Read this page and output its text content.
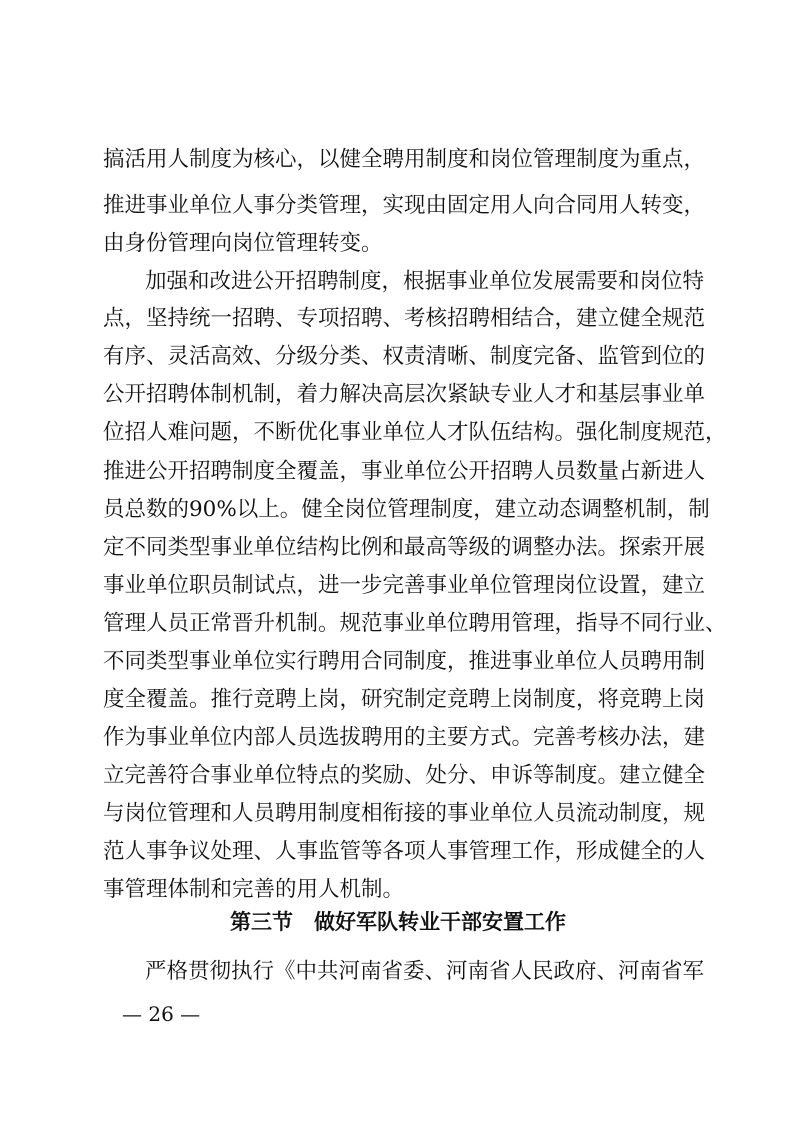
搞活用人制度为核心，以健全聘用制度和岗位管理制度为重点，
推进事业单位人事分类管理，实现由固定用人向合同用人转变，
由身份管理向岗位管理转变。
加强和改进公开招聘制度，根据事业单位发展需要和岗位特
点，坚持统一招聘、专项招聘、考核招聘相结合，建立健全规范
有序、灵活高效、分级分类、权责清晰、制度完备、监管到位的
公开招聘体制机制，着力解决高层次紧缺专业人才和基层事业单
位招人难问题，不断优化事业单位人才队伍结构。强化制度规范，
推进公开招聘制度全覆盖，事业单位公开招聘人员数量占新进人
员总数的90%以上。健全岗位管理制度，建立动态调整机制，制
定不同类型事业单位结构比例和最高等级的调整办法。探索开展
事业单位职员制试点，进一步完善事业单位管理岗位设置，建立
管理人员正常晋升机制。规范事业单位聘用管理，指导不同行业、
不同类型事业单位实行聘用合同制度，推进事业单位人员聘用制
度全覆盖。推行竞聘上岗，研究制定竞聘上岗制度，将竞聘上岗
作为事业单位内部人员选拔聘用的主要方式。完善考核办法，建
立完善符合事业单位特点的奖励、处分、申诉等制度。建立健全
与岗位管理和人员聘用制度相衔接的事业单位人员流动制度，规
范人事争议处理、人事监管等各项人事管理工作，形成健全的人
事管理体制和完善的用人机制。
第三节　做好军队转业干部安置工作
严格贯彻执行《中共河南省委、河南省人民政府、河南省军
— 26 —
